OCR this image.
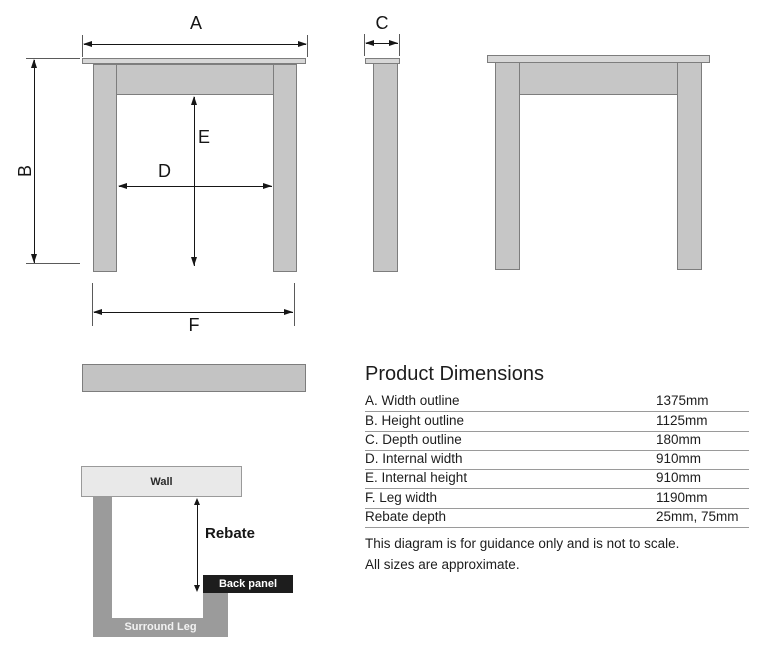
A
B	D
E
F
C
Wall
Back panel
Rebate
Surround Leg
Product Dimensions
A. Width outline	1375mm
B. Height outline	1125mm
C. Depth outline	180mm
D. Internal width	910mm
E. Internal height	910mm
F. Leg width	1190mm
Rebate depth	25mm, 75mm
This diagram is for guidance only and is not to scale.
All sizes are approximate.
